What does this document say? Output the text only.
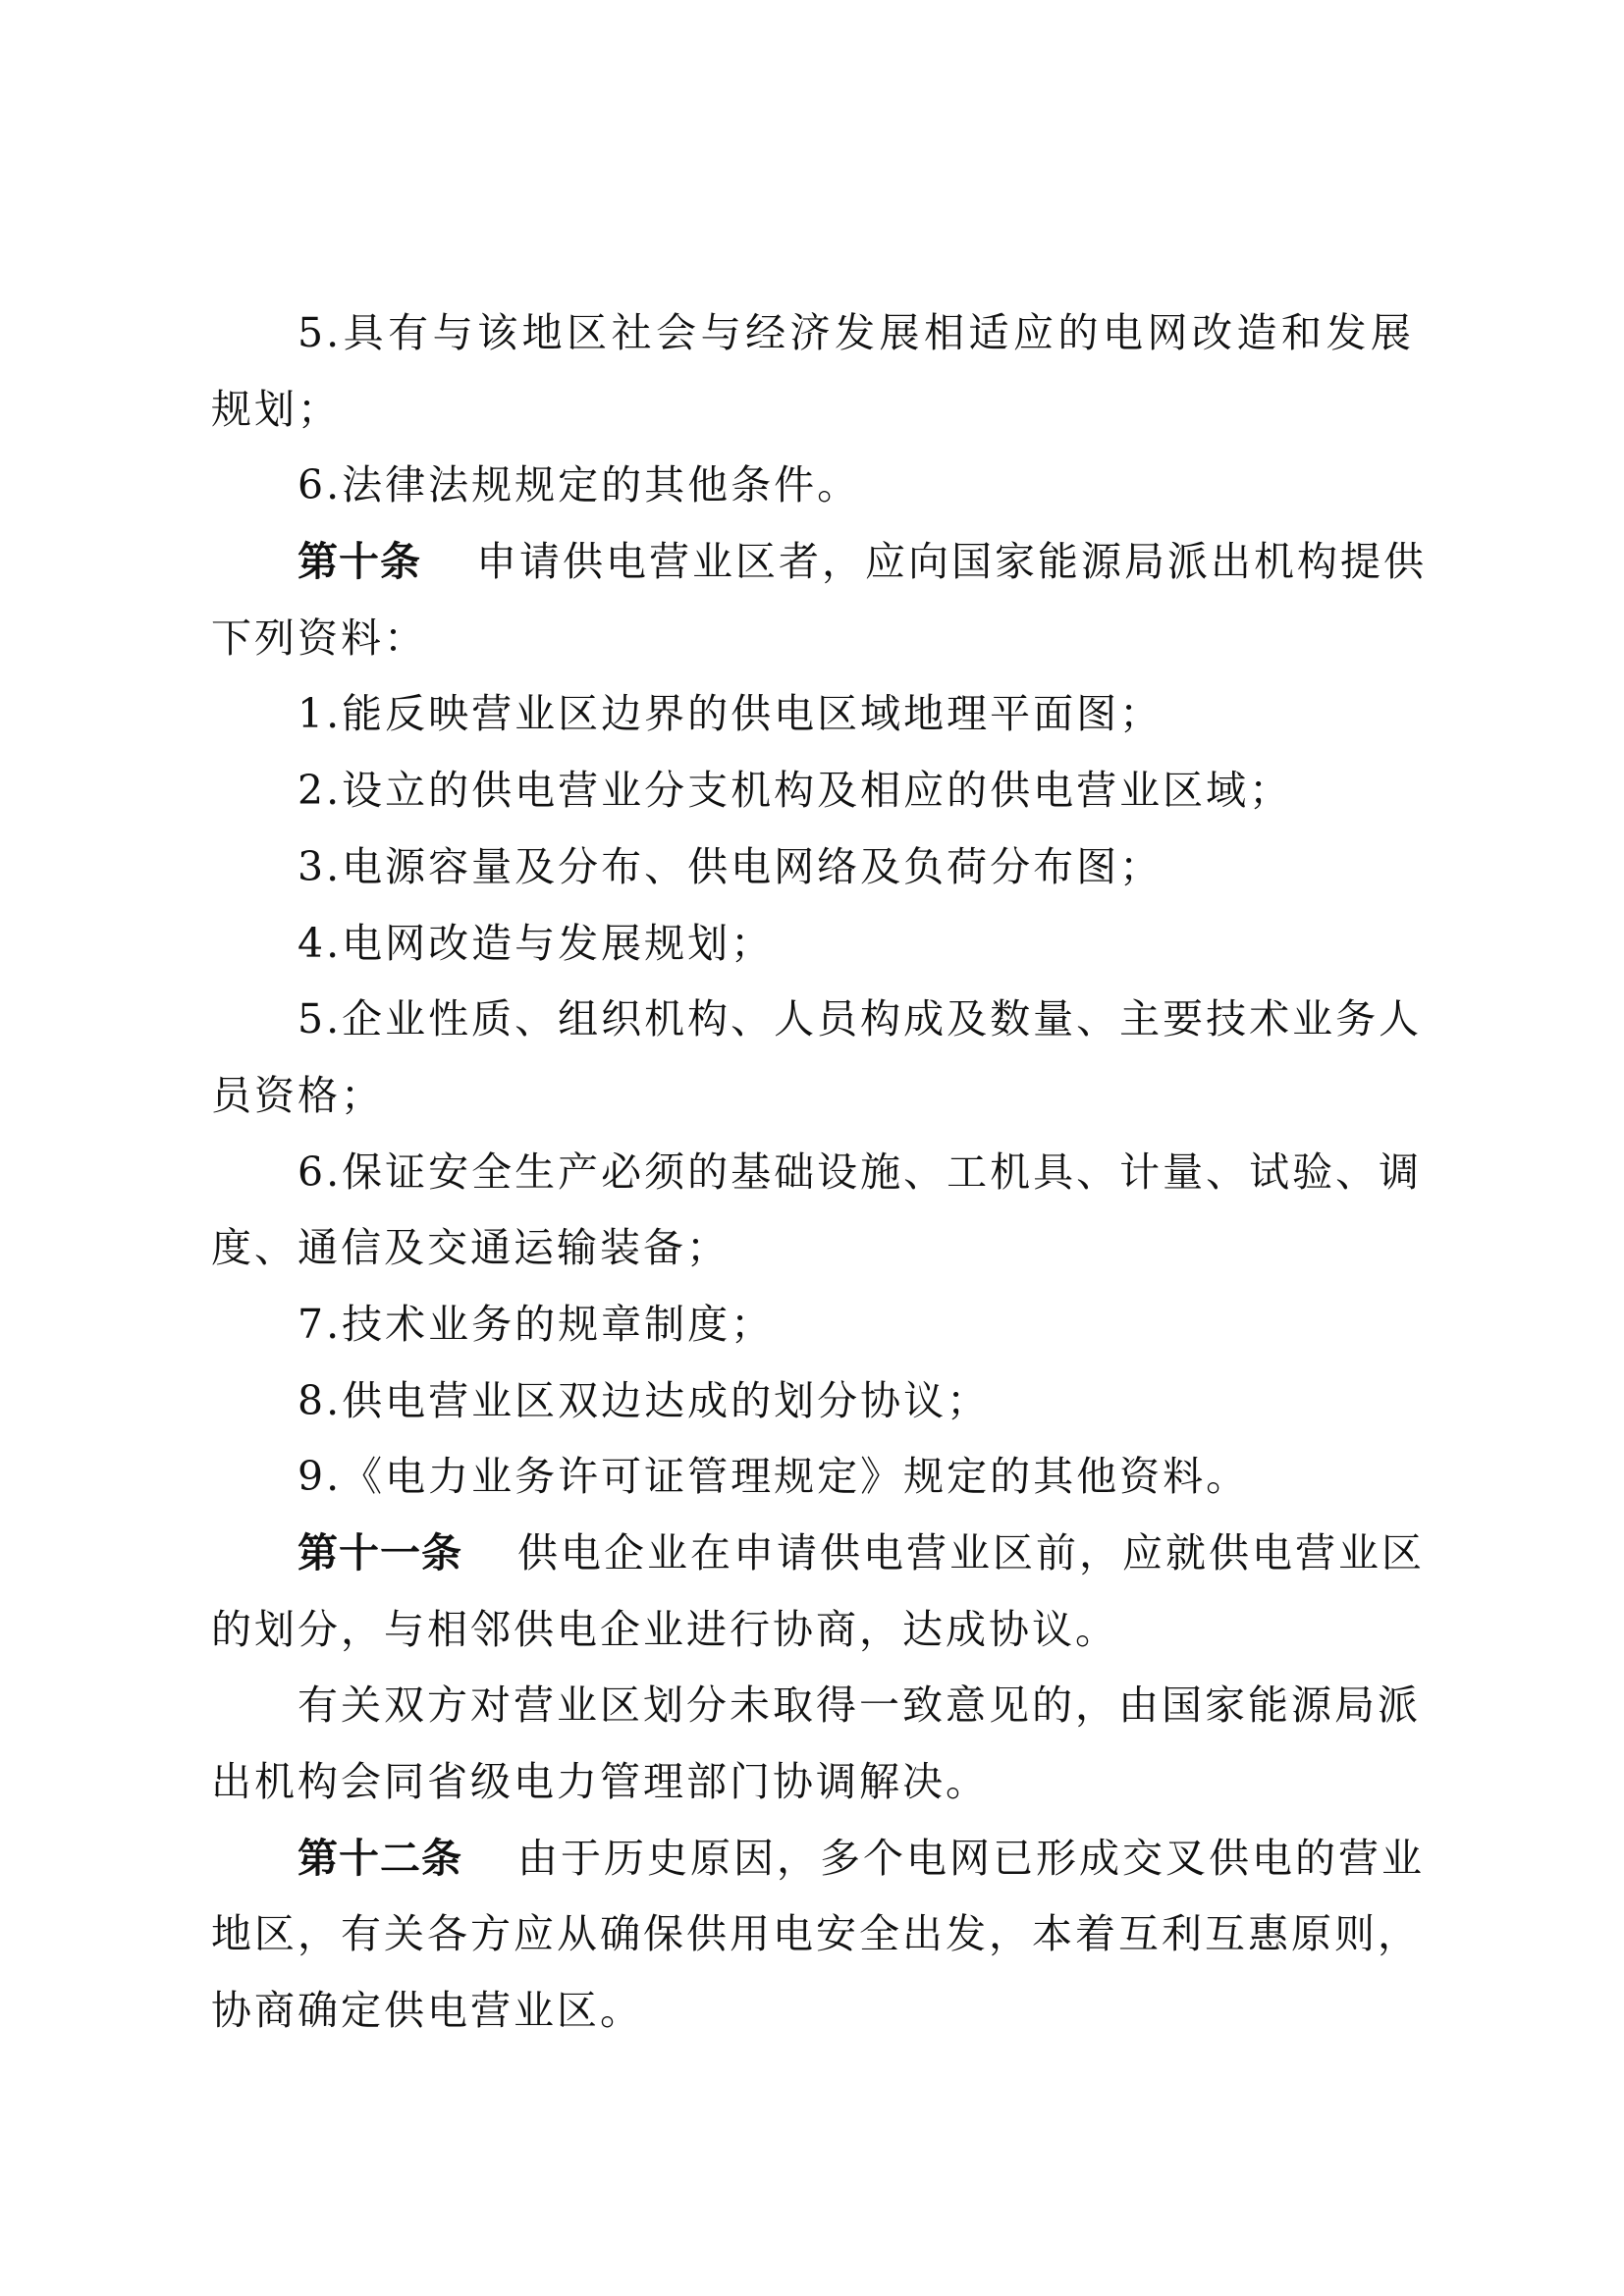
5.具有与该地区社会与经济发展相适应的电网改造和发展
规划；
6.法律法规规定的其他条件。
第十条 申请供电营业区者，应向国家能源局派出机构提供
下列资料：
1.能反映营业区边界的供电区域地理平面图；
2.设立的供电营业分支机构及相应的供电营业区域；
3.电源容量及分布、供电网络及负荷分布图；
4.电网改造与发展规划；
5.企业性质、组织机构、人员构成及数量、主要技术业务人
员资格；
6.保证安全生产必须的基础设施、工机具、计量、试验、调
度、通信及交通运输装备；
7.技术业务的规章制度；
8.供电营业区双边达成的划分协议；
9.《电力业务许可证管理规定》规定的其他资料。
第十一条 供电企业在申请供电营业区前，应就供电营业区
的划分，与相邻供电企业进行协商，达成协议。
有关双方对营业区划分未取得一致意见的，由国家能源局派
出机构会同省级电力管理部门协调解决。
第十二条 由于历史原因，多个电网已形成交叉供电的营业
地区，有关各方应从确保供用电安全出发，本着互利互惠原则，
协商确定供电营业区。
